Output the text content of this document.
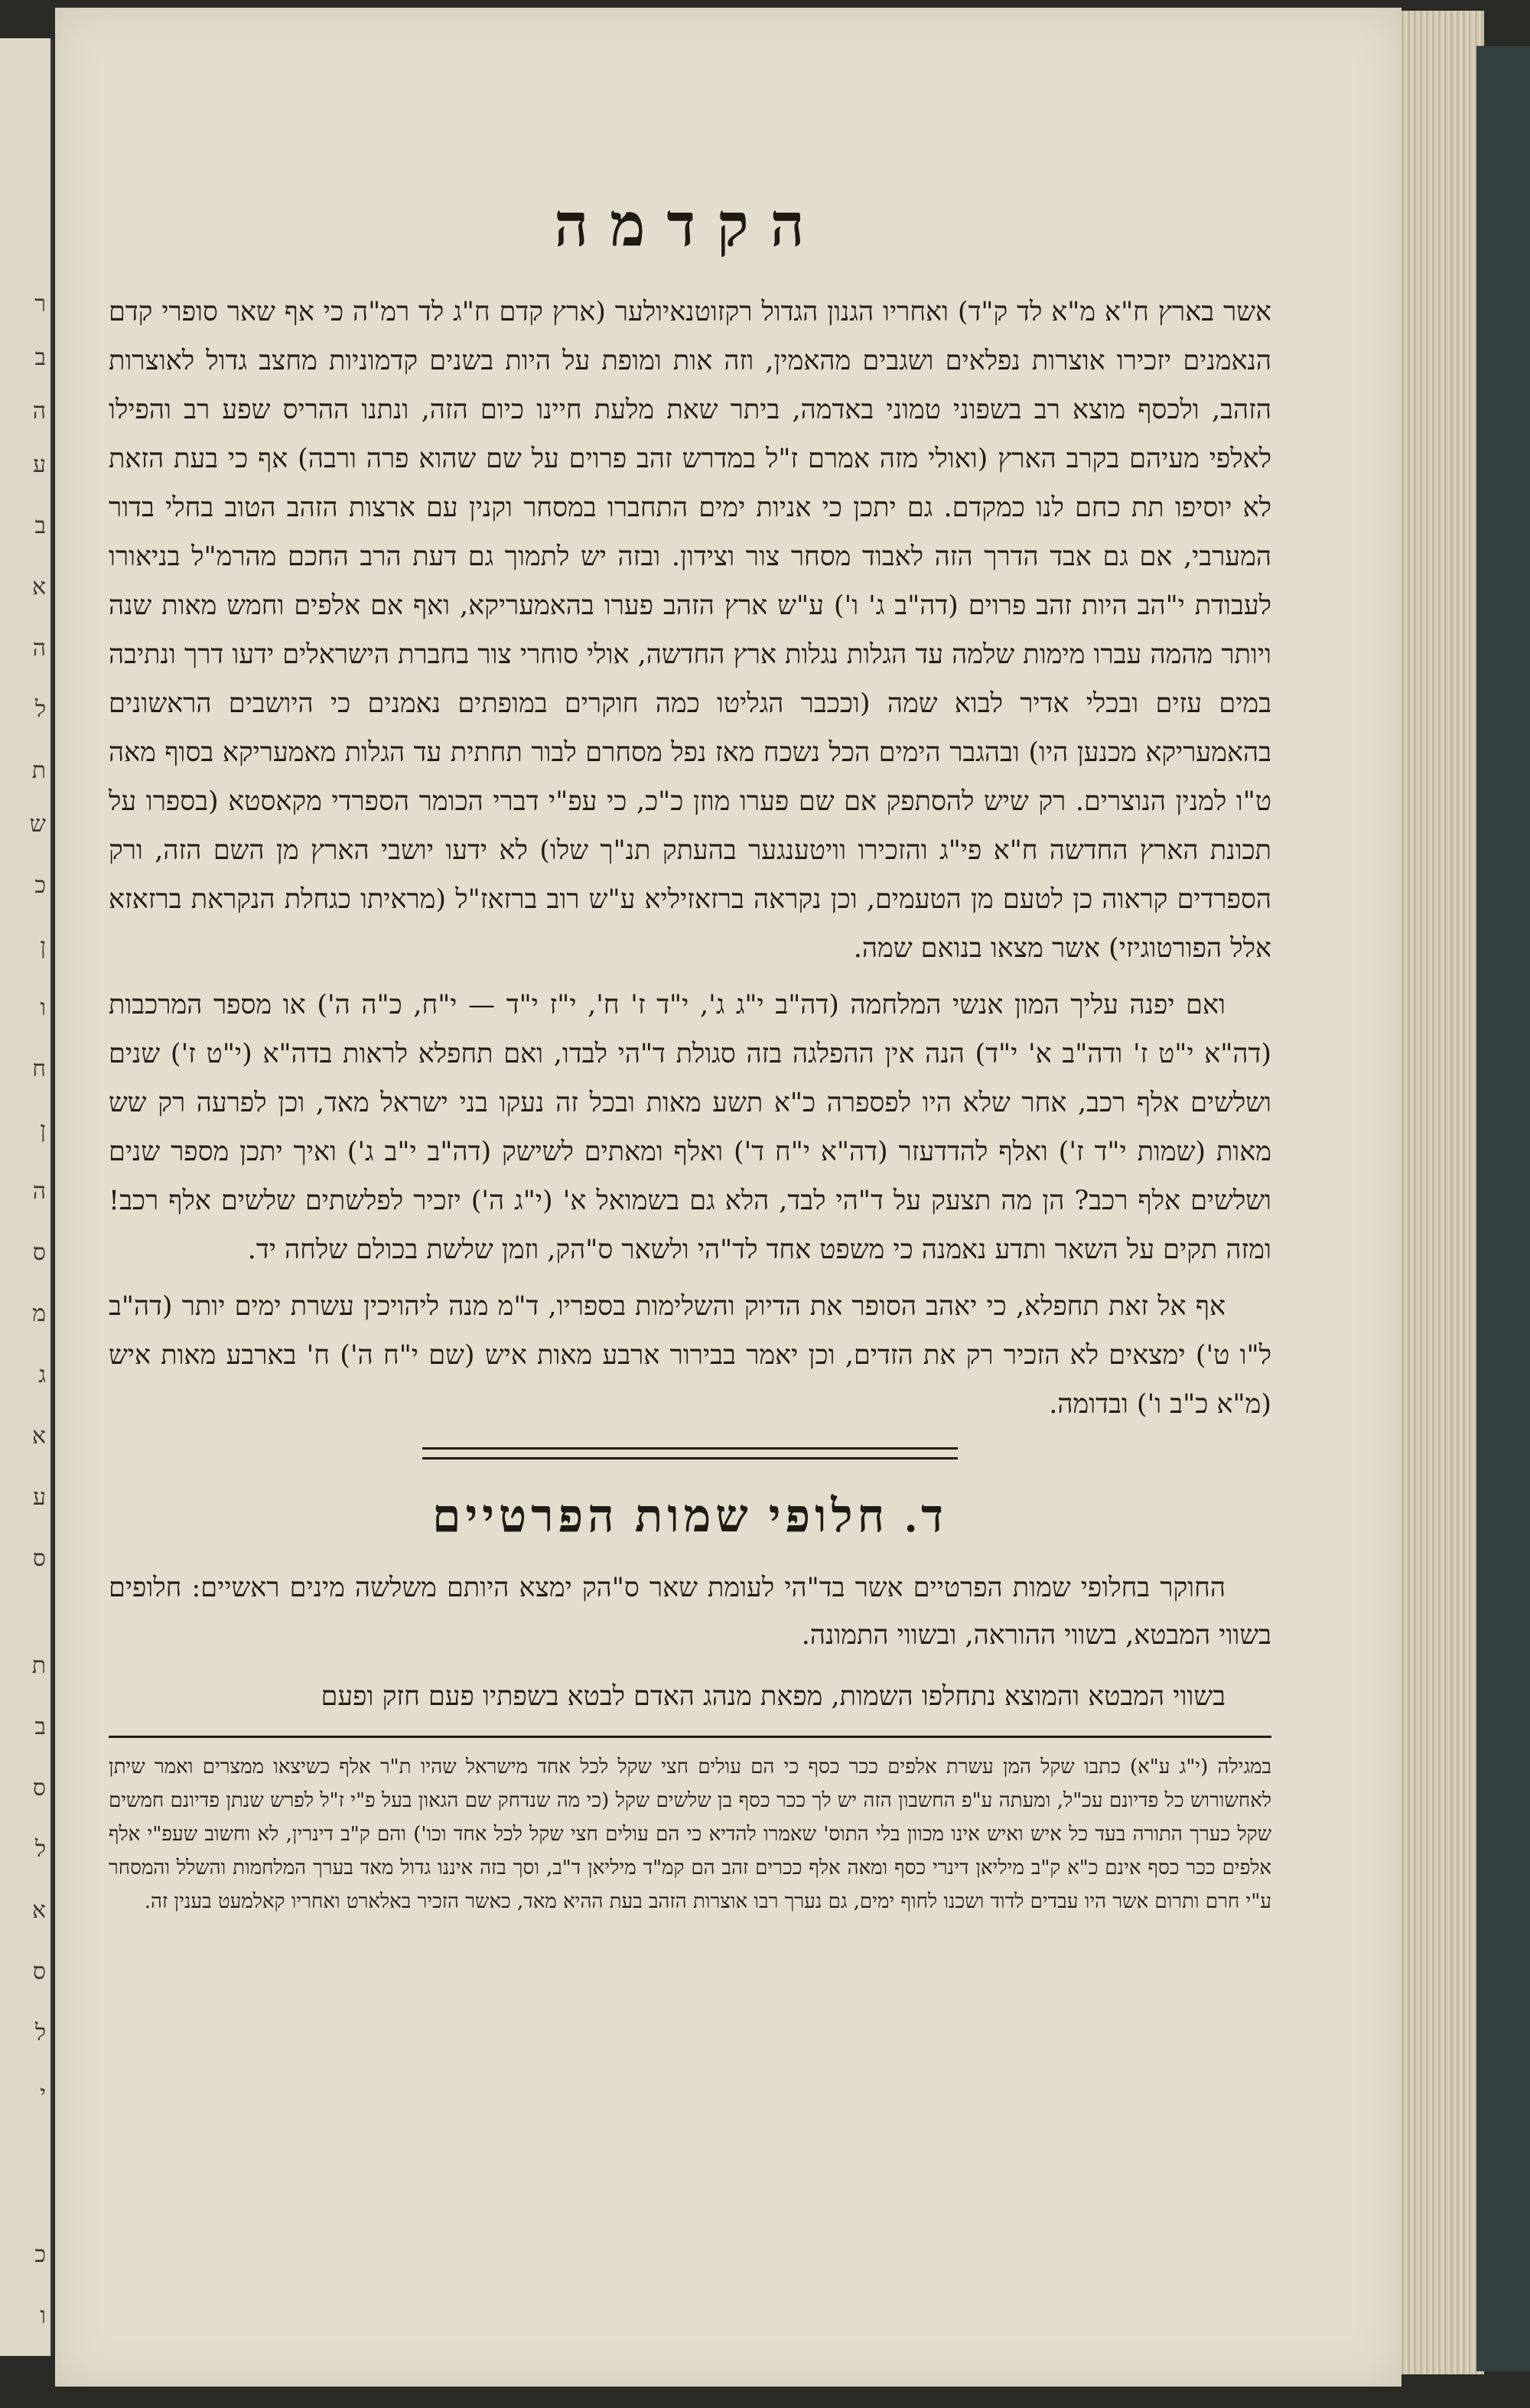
ר
ב
ה
ע
ב
א
ה
ל
ת
ש
כ
ן
ו
ח
ן
ה
ס
מ
ג
א
ע
ס
ת
ב
ס
ל
א
ס
ל
י
כ
ו
הקדמה

אשר בארץ ח"א מ"א לד ק"ד) ואחריו הגנון הגדול רקזוטנאיולער (ארץ קדם ח"ג לד רמ"ה כי אף שאר סופרי קדם הנאמנים יזכירו אוצרות נפלאים ושגבים מהאמין, וזה אות ומופת על היות בשנים קדמוניות מחצב גדול לאוצרות הזהב, ולכסף מוצא רב בשפוני טמוני באדמה, ביתר שאת מלעת חיינו כיום הזה, ונתנו ההריס שפע רב והפילו לאלפי מעיהם בקרב הארץ (ואולי מזה אמרם ז"ל במדרש זהב פרוים על שם שהוא פרה ורבה) אף כי בעת הזאת לא יוסיפו תת כחם לנו כמקדם. גם יתכן כי אניות ימים התחברו במסחר וקנין עם ארצות הזהב הטוב בחלי בדור המערבי, אם גם אבד הדרך הזה לאבוד מסחר צור וצידון. ובזה יש לתמוך גם דעת הרב החכם מהרמ"ל בניאורו לעבודת י"הב היות זהב פרוים (דה"ב ג' ו') ע"ש ארץ הזהב פערו בהאמעריקא, ואף אם אלפים וחמש מאות שנה ויותר מהמה עברו מימות שלמה עד הגלות נגלות ארץ החדשה, אולי סוחרי צור בחברת הישראלים ידעו דרך ונתיבה במים עזים ובכלי אדיר לבוא שמה (וככבר הגליטו כמה חוקרים במופתים נאמנים כי היושבים הראשונים בהאמעריקא מכנען היו) ובהגבר הימים הכל נשכח מאז נפל מסחרם לבור תחתית עד הגלות מאמעריקא בסוף מאה ט"ו למנין הנוצרים. רק שיש להסתפק אם שם פערו מוזן כ"כ, כי עפ"י דברי הכומר הספרדי מקאסטא (בספרו על תכונת הארץ החדשה ח"א פי"ג והזכירו וויטענגער בהעתק תנ"ך שלו) לא ידעו יושבי הארץ מן השם הזה, ורק הספרדים קראוה כן לטעם מן הטעמים, וכן נקראה ברזאזיליא ע"ש רוב ברזאז"ל (מראיתו כגחלת הנקראת ברזאזא אלל הפורטוגיזי) אשר מצאו בנואם שמה.

ואם יפנה עליך המון אנשי המלחמה (דה"ב י"ג ג', י"ד ז' ח', י"ז י"ד — י"ח, כ"ה ה') או מספר המרכבות (דה"א י"ט ז' ודה"ב א' י"ד) הנה אין ההפלגה בזה סגולת ד"הי לבדו, ואם תחפלא לראות בדה"א (י"ט ז') שנים ושלשים אלף רכב, אחר שלא היו לפספרה כ"א תשע מאות ובכל זה נעקו בני ישראל מאד, וכן לפרעה רק שש מאות (שמות י"ד ז') ואלף להדדעזר (דה"א י"ח ד') ואלף ומאתים לשישק (דה"ב י"ב ג') ואיך יתכן מספר שנים ושלשים אלף רכב? הן מה תצעק על ד"הי לבד, הלא גם בשמואל א' (י"ג ה') יזכיר לפלשתים שלשים אלף רכב! ומזה תקים על השאר ותדע נאמנה כי משפט אחד לד"הי ולשאר ס"הק, וזמן שלשת בכולם שלחה יד.

אף אל זאת תחפלא, כי יאהב הסופר את הדיוק והשלימות בספריו, ד"מ מנה ליהויכין עשרת ימים יותר (דה"ב ל"ו ט') ימצאים לא הזכיר רק את הזדים, וכן יאמר בבירור ארבע מאות איש (שם י"ח ה') ח' בארבע מאות איש (מ"א כ"ב ו') ובדומה.

ד. חלופי שמות הפרטיים

החוקר בחלופי שמות הפרטיים אשר בד"הי לעומת שאר ס"הק ימצא היותם משלשה מינים ראשיים: חלופים בשווי המבטא, בשווי ההוראה, ובשווי התמונה.

בשווי המבטא והמוצא נתחלפו השמות, מפאת מנהג האדם לבטא בשפתיו פעם חזק ופעם

במגילה (י"ג ע"א) כתבו שקל המן עשרת אלפים ככר כסף כי הם עולים חצי שקל לכל אחד מישראל שהיו ת"ר אלף כשיצאו ממצרים ואמר שיתן לאחשורוש כל פדיונם עכ"ל, ומעתה ע"פ החשבון הזה יש לך ככר כסף בן שלשים שקל (כי מה שנדחק שם הגאון בעל פ"י ז"ל לפרש שנתן פדיונם חמשים שקל כערך התורה בעד כל איש ואיש אינו מכוון בלי התוס' שאמרו להדיא כי הם עולים חצי שקל לכל אחד וכו') והם ק"ב דינרין, לא וחשוב שעפ"י אלף אלפים ככר כסף אינם כ"א ק"ב מיליאן דינרי כסף ומאה אלף ככרים זהב הם קמ"ד מיליאן ד"ב, וסך בזה איננו גדול מאד בערך המלחמות והשלל והמסחר ע"י חרם ותרום אשר היו עבדים לדוד ושכנו לחוף ימים, גם נערך רבו אוצרות הזהב בעת ההיא מאד, כאשר הזכיר באלארט ואחריו קאלמעט בענין זה.
